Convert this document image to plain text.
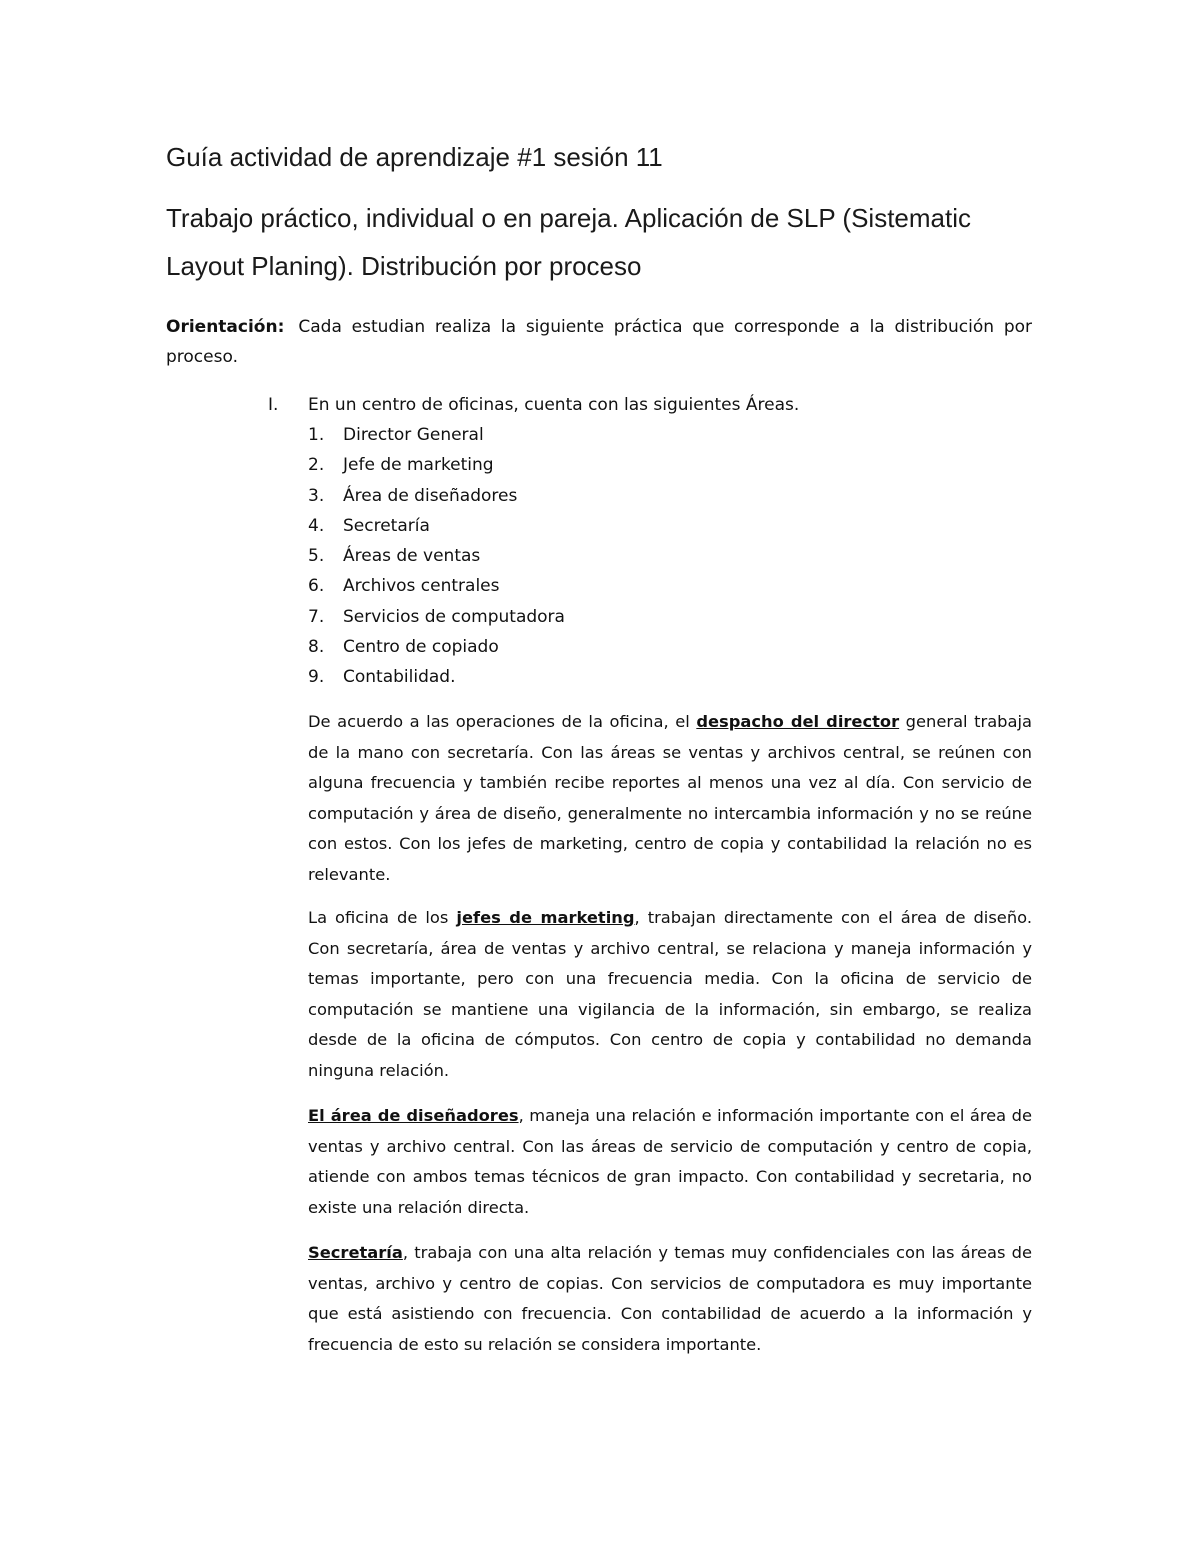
Guía actividad de aprendizaje #1 sesión 11
Trabajo práctico, individual o en pareja. Aplicación de SLP (Sistematic
Layout Planing). Distribución por proceso
Orientación: Cada estudian realiza la siguiente práctica que corresponde a la distribución por proceso.
I. En un centro de oficinas, cuenta con las siguientes Áreas.
1. Director General
2. Jefe de marketing
3. Área de diseñadores
4. Secretaría
5. Áreas de ventas
6. Archivos centrales
7. Servicios de computadora
8. Centro de copiado
9. Contabilidad.

De acuerdo a las operaciones de la oficina, el despacho del director general trabaja de la mano con secretaría. Con las áreas se ventas y archivos central, se reúnen con alguna frecuencia y también recibe reportes al menos una vez al día. Con servicio de computación y área de diseño, generalmente no intercambia información y no se reúne con estos. Con los jefes de marketing, centro de copia y contabilidad la relación no es relevante.

La oficina de los jefes de marketing, trabajan directamente con el área de diseño. Con secretaría, área de ventas y archivo central, se relaciona y maneja información y temas importante, pero con una frecuencia media. Con la oficina de servicio de computación se mantiene una vigilancia de la información, sin embargo, se realiza desde de la oficina de cómputos. Con centro de copia y contabilidad no demanda ninguna relación.

El área de diseñadores, maneja una relación e información importante con el área de ventas y archivo central. Con las áreas de servicio de computación y centro de copia, atiende con ambos temas técnicos de gran impacto. Con contabilidad y secretaria, no existe una relación directa.

Secretaría, trabaja con una alta relación y temas muy confidenciales con las áreas de ventas, archivo y centro de copias. Con servicios de computadora es muy importante que está asistiendo con frecuencia. Con contabilidad de acuerdo a la información y frecuencia de esto su relación se considera importante.
